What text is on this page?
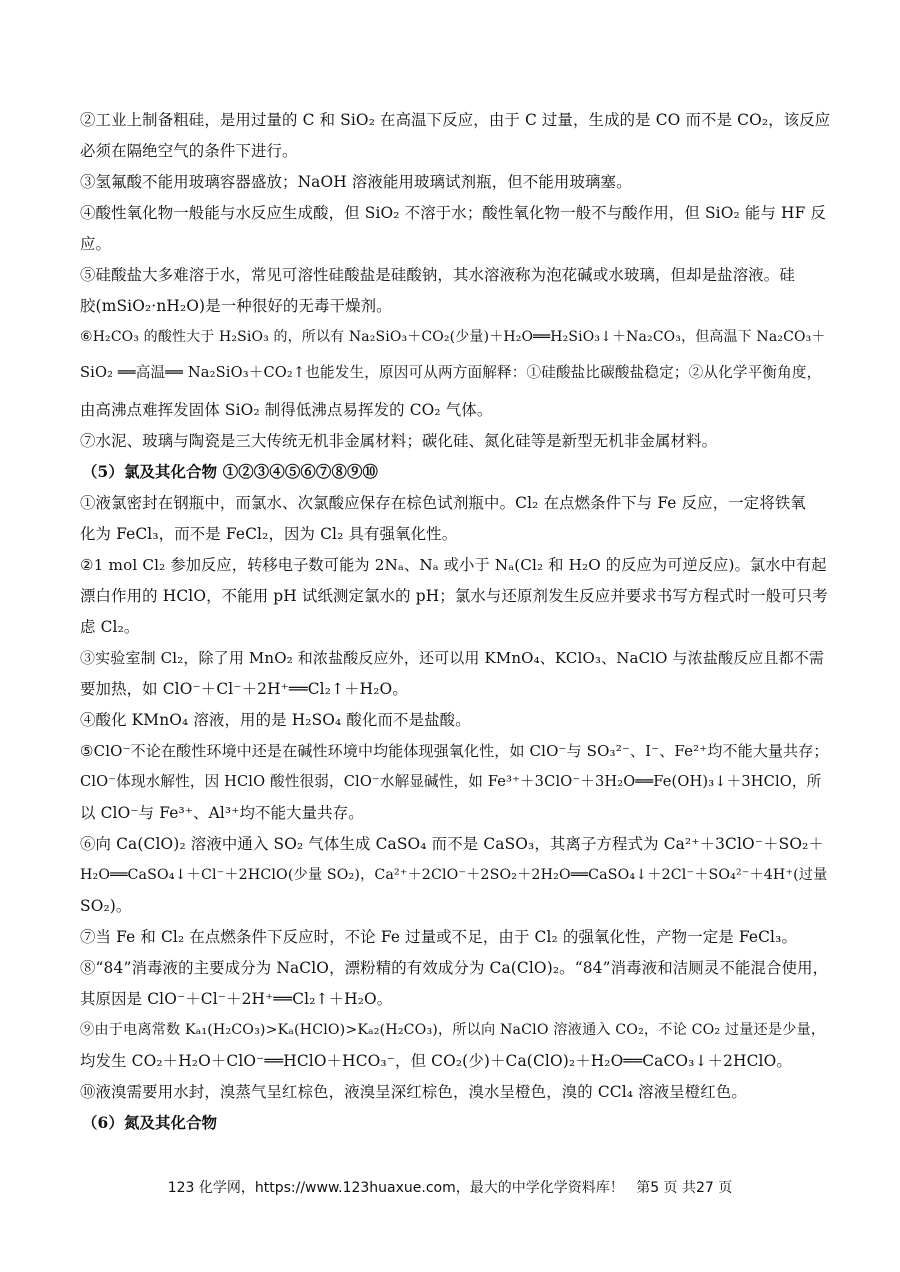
②工业上制备粗硅，是用过量的 C 和 SiO₂ 在高温下反应，由于 C 过量，生成的是 CO 而不是 CO₂，该反应
必须在隔绝空气的条件下进行。
③氢氟酸不能用玻璃容器盛放；NaOH 溶液能用玻璃试剂瓶，但不能用玻璃塞。
④酸性氧化物一般能与水反应生成酸，但 SiO₂ 不溶于水；酸性氧化物一般不与酸作用，但 SiO₂ 能与 HF 反
应。
⑤硅酸盐大多难溶于水，常见可溶性硅酸盐是硅酸钠，其水溶液称为泡花碱或水玻璃，但却是盐溶液。硅
胶(mSiO₂·nH₂O)是一种很好的无毒干燥剂。
⑥H₂CO₃ 的酸性大于 H₂SiO₃ 的，所以有 Na₂SiO₃＋CO₂(少量)＋H₂O══H₂SiO₃↓＋Na₂CO₃，但高温下 Na₂CO₃＋
SiO₂ ══高温══ Na₂SiO₃＋CO₂↑也能发生，原因可从两方面解释：①硅酸盐比碳酸盐稳定；②从化学平衡角度，
由高沸点难挥发固体 SiO₂ 制得低沸点易挥发的 CO₂ 气体。
⑦水泥、玻璃与陶瓷是三大传统无机非金属材料；碳化硅、氮化硅等是新型无机非金属材料。
（5）氯及其化合物 ①②③④⑤⑥⑦⑧⑨⑩
①液氯密封在钢瓶中，而氯水、次氯酸应保存在棕色试剂瓶中。Cl₂ 在点燃条件下与 Fe 反应，一定将铁氧
化为 FeCl₃，而不是 FeCl₂，因为 Cl₂ 具有强氧化性。
②1 mol Cl₂ 参加反应，转移电子数可能为 2Nₐ、Nₐ 或小于 Nₐ(Cl₂ 和 H₂O 的反应为可逆反应)。氯水中有起
漂白作用的 HClO，不能用 pH 试纸测定氯水的 pH；氯水与还原剂发生反应并要求书写方程式时一般可只考
虑 Cl₂。
③实验室制 Cl₂，除了用 MnO₂ 和浓盐酸反应外，还可以用 KMnO₄、KClO₃、NaClO 与浓盐酸反应且都不需
要加热，如 ClO⁻＋Cl⁻＋2H⁺══Cl₂↑＋H₂O。
④酸化 KMnO₄ 溶液，用的是 H₂SO₄ 酸化而不是盐酸。
⑤ClO⁻不论在酸性环境中还是在碱性环境中均能体现强氧化性，如 ClO⁻与 SO₃²⁻、I⁻、Fe²⁺均不能大量共存；
ClO⁻体现水解性，因 HClO 酸性很弱，ClO⁻水解显碱性，如 Fe³⁺＋3ClO⁻＋3H₂O══Fe(OH)₃↓＋3HClO，所
以 ClO⁻与 Fe³⁺、Al³⁺均不能大量共存。
⑥向 Ca(ClO)₂ 溶液中通入 SO₂ 气体生成 CaSO₄ 而不是 CaSO₃，其离子方程式为 Ca²⁺＋3ClO⁻＋SO₂＋
H₂O══CaSO₄↓＋Cl⁻＋2HClO(少量 SO₂)，Ca²⁺＋2ClO⁻＋2SO₂＋2H₂O══CaSO₄↓＋2Cl⁻＋SO₄²⁻＋4H⁺(过量
SO₂)。
⑦当 Fe 和 Cl₂ 在点燃条件下反应时，不论 Fe 过量或不足，由于 Cl₂ 的强氧化性，产物一定是 FeCl₃。
⑧“84”消毒液的主要成分为 NaClO，漂粉精的有效成分为 Ca(ClO)₂。“84”消毒液和洁厕灵不能混合使用，
其原因是 ClO⁻＋Cl⁻＋2H⁺══Cl₂↑＋H₂O。
⑨由于电离常数 Kₐ₁(H₂CO₃)>Kₐ(HClO)>Kₐ₂(H₂CO₃)，所以向 NaClO 溶液通入 CO₂，不论 CO₂ 过量还是少量，
均发生 CO₂＋H₂O＋ClO⁻══HClO＋HCO₃⁻，但 CO₂(少)＋Ca(ClO)₂＋H₂O══CaCO₃↓＋2HClO。
⑩液溴需要用水封，溴蒸气呈红棕色，液溴呈深红棕色，溴水呈橙色，溴的 CCl₄ 溶液呈橙红色。
（6）氮及其化合物
123 化学网，https://www.123huaxue.com，最大的中学化学资料库！ 第5 页 共27 页
